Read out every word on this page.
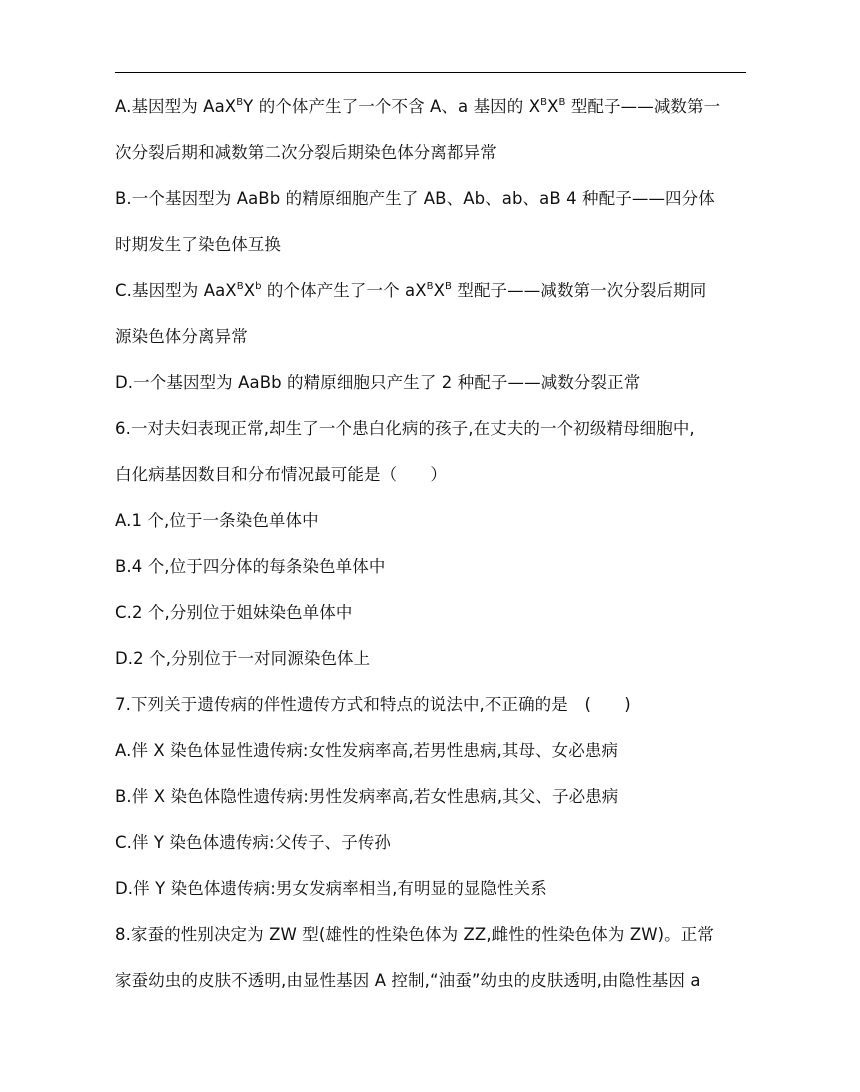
A.基因型为 AaX$^B$Y 的个体产生了一个不含 A、a 基因的 $X^BX^B$ 型配子——减数第一
次分裂后期和减数第二次分裂后期染色体分离都异常
B.一个基因型为 AaBb 的精原细胞产生了 AB、Ab、ab、aB 4 种配子——四分体
时期发生了染色体互换
C.基因型为 $AaX^BX^b$ 的个体产生了一个 $aX^BX^B$ 型配子——减数第一次分裂后期同
源染色体分离异常
D.一个基因型为 AaBb 的精原细胞只产生了 2 种配子——减数分裂正常
6.一对夫妇表现正常,却生了一个患白化病的孩子,在丈夫的一个初级精母细胞中,
白化病基因数目和分布情况最可能是（　　）
A.1 个,位于一条染色单体中
B.4 个,位于四分体的每条染色单体中
C.2 个,分别位于姐妹染色单体中
D.2 个,分别位于一对同源染色体上
7.下列关于遗传病的伴性遗传方式和特点的说法中,不正确的是　(　　)
A.伴 X 染色体显性遗传病:女性发病率高,若男性患病,其母、女必患病
B.伴 X 染色体隐性遗传病:男性发病率高,若女性患病,其父、子必患病
C.伴 Y 染色体遗传病:父传子、子传孙
D.伴 Y 染色体遗传病:男女发病率相当,有明显的显隐性关系
8.家蚕的性别决定为 ZW 型(雄性的性染色体为 ZZ,雌性的性染色体为 ZW)。正常
家蚕幼虫的皮肤不透明,由显性基因 A 控制,“油蚕”幼虫的皮肤透明,由隐性基因 a
